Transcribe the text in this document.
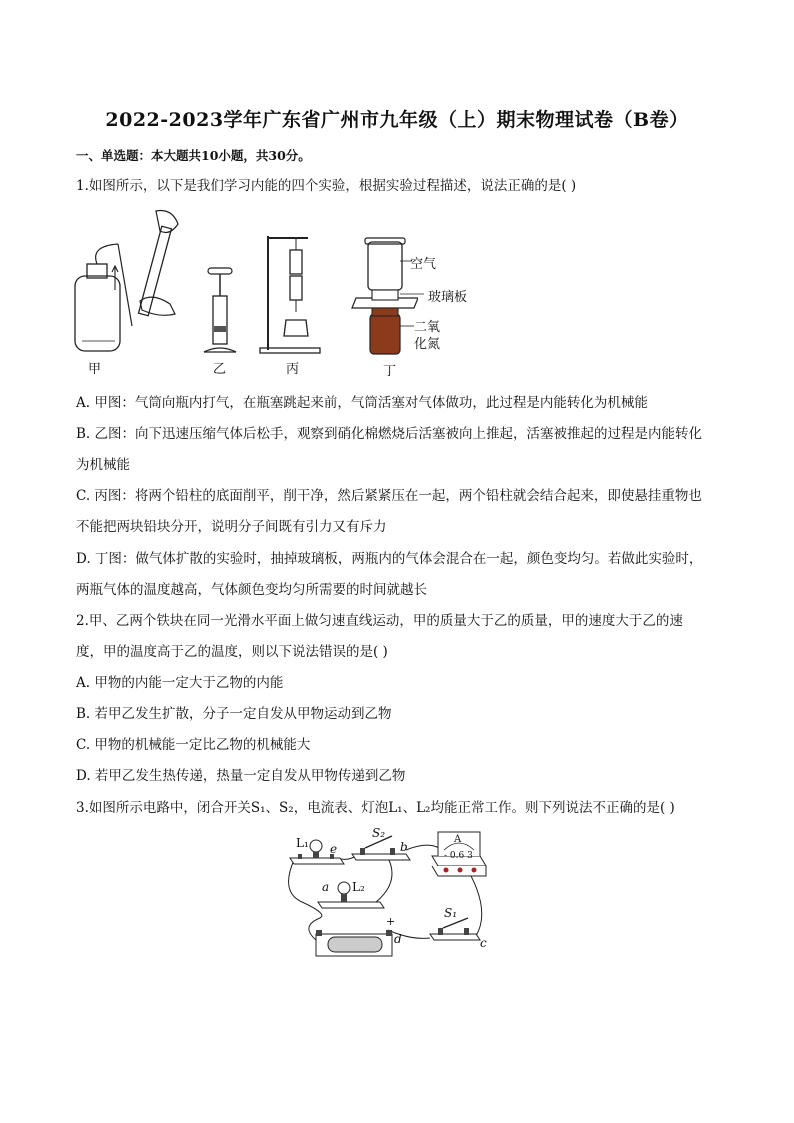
2022-2023学年广东省广州市九年级（上）期末物理试卷（B卷）
一、单选题：本大题共10小题，共30分。
1.如图所示，以下是我们学习内能的四个实验，根据实验过程描述，说法正确的是( )
空气
玻璃板
二氧
化氮
甲	乙	丙	丁
A. 甲图：气筒向瓶内打气，在瓶塞跳起来前，气筒活塞对气体做功，此过程是内能转化为机械能
B. 乙图：向下迅速压缩气体后松手，观察到硝化棉燃烧后活塞被向上推起，活塞被推起的过程是内能转化
为机械能
C. 丙图：将两个铅柱的底面削平，削干净，然后紧紧压在一起，两个铅柱就会结合起来，即使悬挂重物也
不能把两块铅块分开，说明分子间既有引力又有斥力
D. 丁图：做气体扩散的实验时，抽掉玻璃板，两瓶内的气体会混合在一起，颜色变均匀。若做此实验时，
两瓶气体的温度越高，气体颜色变均匀所需要的时间就越长
2.甲、乙两个铁块在同一光滑水平面上做匀速直线运动，甲的质量大于乙的质量，甲的速度大于乙的速
度，甲的温度高于乙的温度，则以下说法错误的是( )
A. 甲物的内能一定大于乙物的内能
B. 若甲乙发生扩散，分子一定自发从甲物运动到乙物
C. 甲物的机械能一定比乙物的机械能大
D. 若甲乙发生热传递，热量一定自发从甲物传递到乙物
3.如图所示电路中，闭合开关S₁、S₂，电流表、灯泡L₁、L₂均能正常工作。则下列说法不正确的是( )
L₁ e
S₂
b
A
- 0.6 3
a L₂
+
d
S₁
c
